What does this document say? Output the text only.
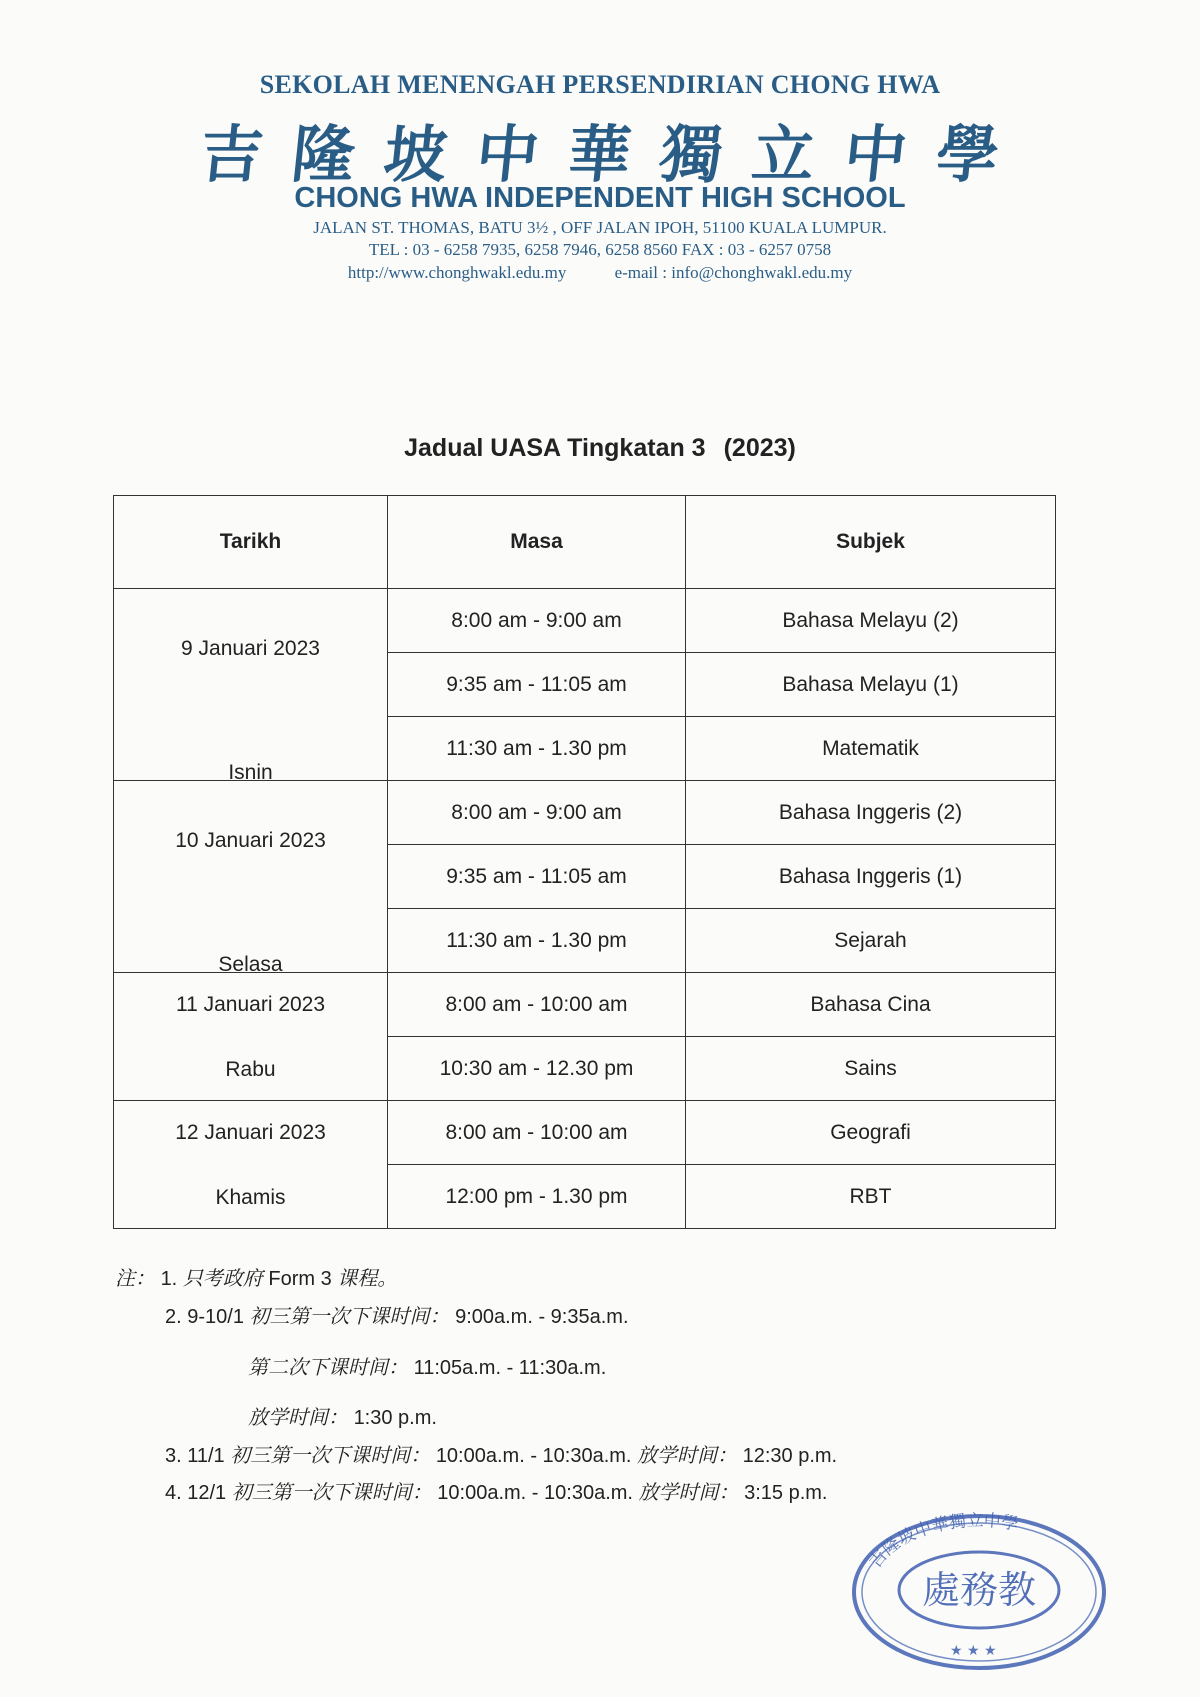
SEKOLAH MENENGAH PERSENDIRIAN CHONG HWA
吉隆坡中華獨立中學
CHONG HWA INDEPENDENT HIGH SCHOOL
JALAN ST. THOMAS, BATU 3½ , OFF JALAN IPOH, 51100 KUALA LUMPUR.
TEL : 03 - 6258 7935, 6258 7946, 6258 8560 FAX : 03 - 6257 0758
http://www.chonghwakl.edu.my	e-mail : info@chonghwakl.edu.my
Jadual UASA Tingkatan 3 (2023)
Tarikh	Masa	Subjek

9 Januari 2023
Isnin	8:00 am - 9:00 am	Bahasa Melayu (2)
	9:35 am - 11:05 am	Bahasa Melayu (1)
	11:30 am - 1.30 pm	Matematik

10 Januari 2023
Selasa	8:00 am - 9:00 am	Bahasa Inggeris (2)
	9:35 am - 11:05 am	Bahasa Inggeris (1)
	11:30 am - 1.30 pm	Sejarah

11 Januari 2023
Rabu	8:00 am - 10:00 am	Bahasa Cina
	10:30 am - 12.30 pm	Sains

12 Januari 2023
Khamis	8:00 am - 10:00 am	Geografi
	12:00 pm - 1.30 pm	RBT
注： 1. 只考政府 Form 3 课程。
2. 9-10/1 初三第一次下课时间： 9:00a.m. - 9:35a.m.
第二次下课时间： 11:05a.m. - 11:30a.m.
放学时间： 1:30 p.m.
3. 11/1 初三第一次下课时间： 10:00a.m. - 10:30a.m. 放学时间： 12:30 p.m.
4. 12/1 初三第一次下课时间： 10:00a.m. - 10:30a.m. 放学时间： 3:15 p.m.
吉隆坡中華獨立中學
處務教
★ ★ ★
